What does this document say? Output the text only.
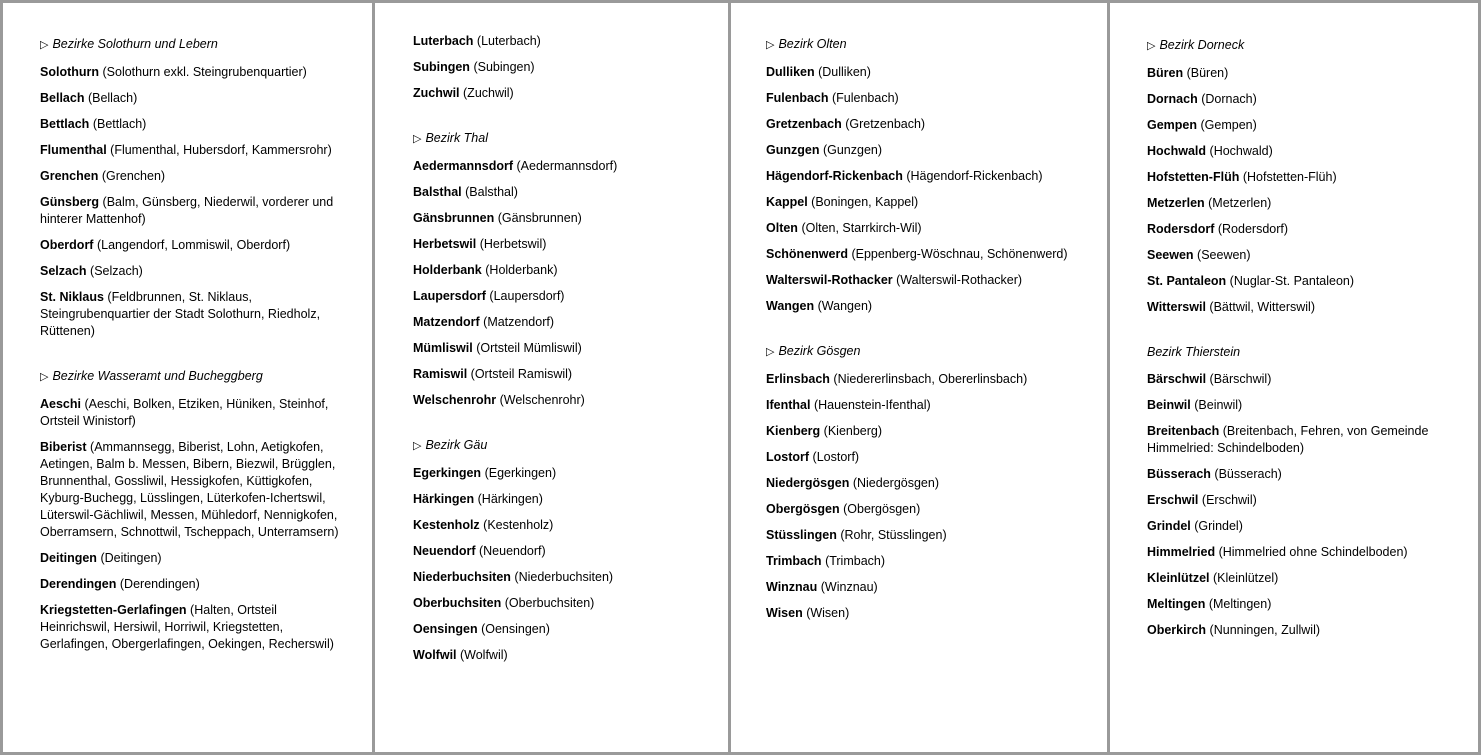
▷ Bezirke Solothurn und Lebern
Solothurn (Solothurn exkl. Steingrubenquartier)
Bellach (Bellach)
Bettlach (Bettlach)
Flumenthal (Flumenthal, Hubersdorf, Kammersrohr)
Grenchen (Grenchen)
Günsberg (Balm, Günsberg, Niederwil, vorderer und hinterer Mattenhof)
Oberdorf (Langendorf, Lommiswil, Oberdorf)
Selzach (Selzach)
St. Niklaus (Feldbrunnen, St. Niklaus, Steingrubenquartier der Stadt Solothurn, Riedholz, Rüttenen)
▷ Bezirke Wasseramt und Bucheggberg
Aeschi (Aeschi, Bolken, Etziken, Hüniken, Steinhof, Ortsteil Winistorf)
Biberist (Ammannsegg, Biberist, Lohn, Aetigkofen, Aetingen, Balm b. Messen, Bibern, Biezwil, Brügglen, Brunnenthal, Gossliwil, Hessigkofen, Küttigkofen, Kyburg-Buchegg, Lüsslingen, Lüterkofen-Ichertswil, Lüterswil-Gächliwil, Messen, Mühledorf, Nennigkofen, Oberramsern, Schnottwil, Tscheppach, Unterramsern)
Deitingen (Deitingen)
Derendingen (Derendingen)
Kriegstetten-Gerlafingen (Halten, Ortsteil Heinrichswil, Hersiwil, Horriwil, Kriegstetten, Gerlafingen, Obergerlafingen, Oekingen, Recherswil)
Luterbach (Luterbach)
Subingen (Subingen)
Zuchwil (Zuchwil)
▷ Bezirk Thal
Aedermannsdorf (Aedermannsdorf)
Balsthal (Balsthal)
Gänsbrunnen (Gänsbrunnen)
Herbetswil (Herbetswil)
Holderbank (Holderbank)
Laupersdorf (Laupersdorf)
Matzendorf (Matzendorf)
Mümliswil (Ortsteil Mümliswil)
Ramiswil (Ortsteil Ramiswil)
Welschenrohr (Welschenrohr)
▷ Bezirk Gäu
Egerkingen (Egerkingen)
Härkingen (Härkingen)
Kestenholz (Kestenholz)
Neuendorf (Neuendorf)
Niederbuchsiten (Niederbuchsiten)
Oberbuchsiten (Oberbuchsiten)
Oensingen (Oensingen)
Wolfwil (Wolfwil)
▷ Bezirk Olten
Dulliken (Dulliken)
Fulenbach (Fulenbach)
Gretzenbach (Gretzenbach)
Gunzgen (Gunzgen)
Hägendorf-Rickenbach (Hägendorf-Rickenbach)
Kappel (Boningen, Kappel)
Olten (Olten, Starrkirch-Wil)
Schönenwerd (Eppenberg-Wöschnau, Schönenwerd)
Walterswil-Rothacker (Walterswil-Rothacker)
Wangen (Wangen)
▷ Bezirk Gösgen
Erlinsbach (Niedererlinsbach, Obererlinsbach)
Ifenthal (Hauenstein-Ifenthal)
Kienberg (Kienberg)
Lostorf (Lostorf)
Niedergösgen (Niedergösgen)
Obergösgen (Obergösgen)
Stüsslingen (Rohr, Stüsslingen)
Trimbach (Trimbach)
Winznau (Winznau)
Wisen (Wisen)
▷ Bezirk Dorneck
Büren (Büren)
Dornach (Dornach)
Gempen (Gempen)
Hochwald (Hochwald)
Hofstetten-Flüh (Hofstetten-Flüh)
Metzerlen (Metzerlen)
Rodersdorf (Rodersdorf)
Seewen (Seewen)
St. Pantaleon (Nuglar-St. Pantaleon)
Witterswil (Bättwil, Witterswil)
Bezirk Thierstein
Bärschwil (Bärschwil)
Beinwil (Beinwil)
Breitenbach (Breitenbach, Fehren, von Gemeinde Himmelried: Schindelboden)
Büsserach (Büsserach)
Erschwil (Erschwil)
Grindel (Grindel)
Himmelried (Himmelried ohne Schindelboden)
Kleinlützel (Kleinlützel)
Meltingen (Meltingen)
Oberkirch (Nunningen, Zullwil)
